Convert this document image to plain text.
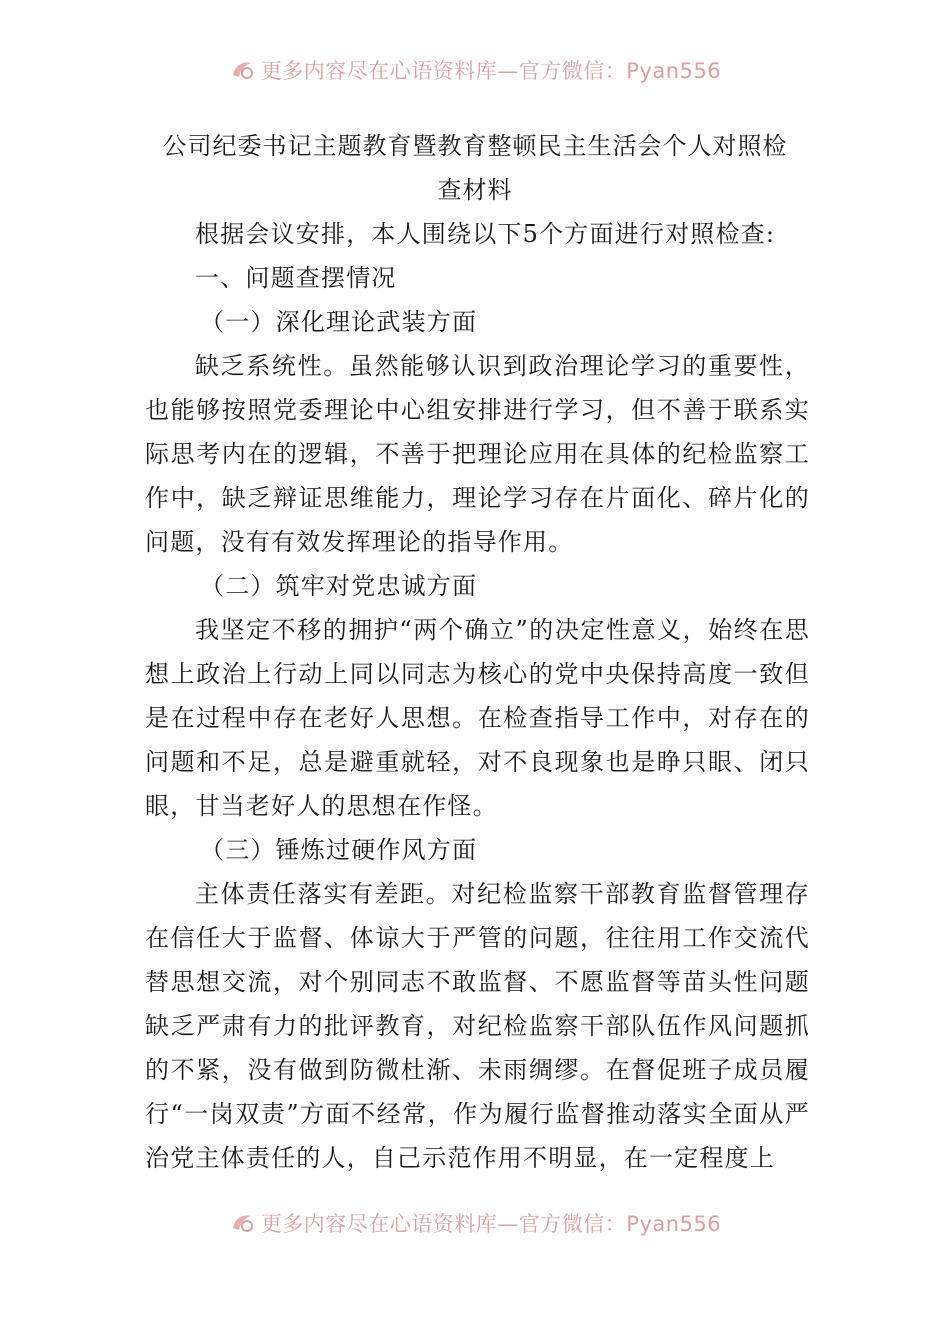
更多内容尽在心语资料库—官方微信：Pyan556
公司纪委书记主题教育暨教育整顿民主生活会个人对照检
查材料

根据会议安排，本人围绕以下5个方面进行对照检查:

一、问题查摆情况

（一）深化理论武装方面

缺乏系统性。虽然能够认识到政治理论学习的重要性，也能够按照党委理论中心组安排进行学习，但不善于联系实际思考内在的逻辑，不善于把理论应用在具体的纪检监察工作中，缺乏辩证思维能力，理论学习存在片面化、碎片化的问题，没有有效发挥理论的指导作用。

（二）筑牢对党忠诚方面

我坚定不移的拥护“两个确立”的决定性意义，始终在思想上政治上行动上同以同志为核心的党中央保持高度一致但是在过程中存在老好人思想。在检查指导工作中，对存在的问题和不足，总是避重就轻，对不良现象也是睁只眼、闭只眼，甘当老好人的思想在作怪。

（三）锤炼过硬作风方面

主体责任落实有差距。对纪检监察干部教育监督管理存在信任大于监督、体谅大于严管的问题，往往用工作交流代替思想交流，对个别同志不敢监督、不愿监督等苗头性问题缺乏严肃有力的批评教育，对纪检监察干部队伍作风问题抓的不紧，没有做到防微杜渐、未雨绸缪。在督促班子成员履行“一岗双责”方面不经常，作为履行监督推动落实全面从严治党主体责任的人，自己示范作用不明显，在一定程度上

更多内容尽在心语资料库—官方微信：Pyan556
